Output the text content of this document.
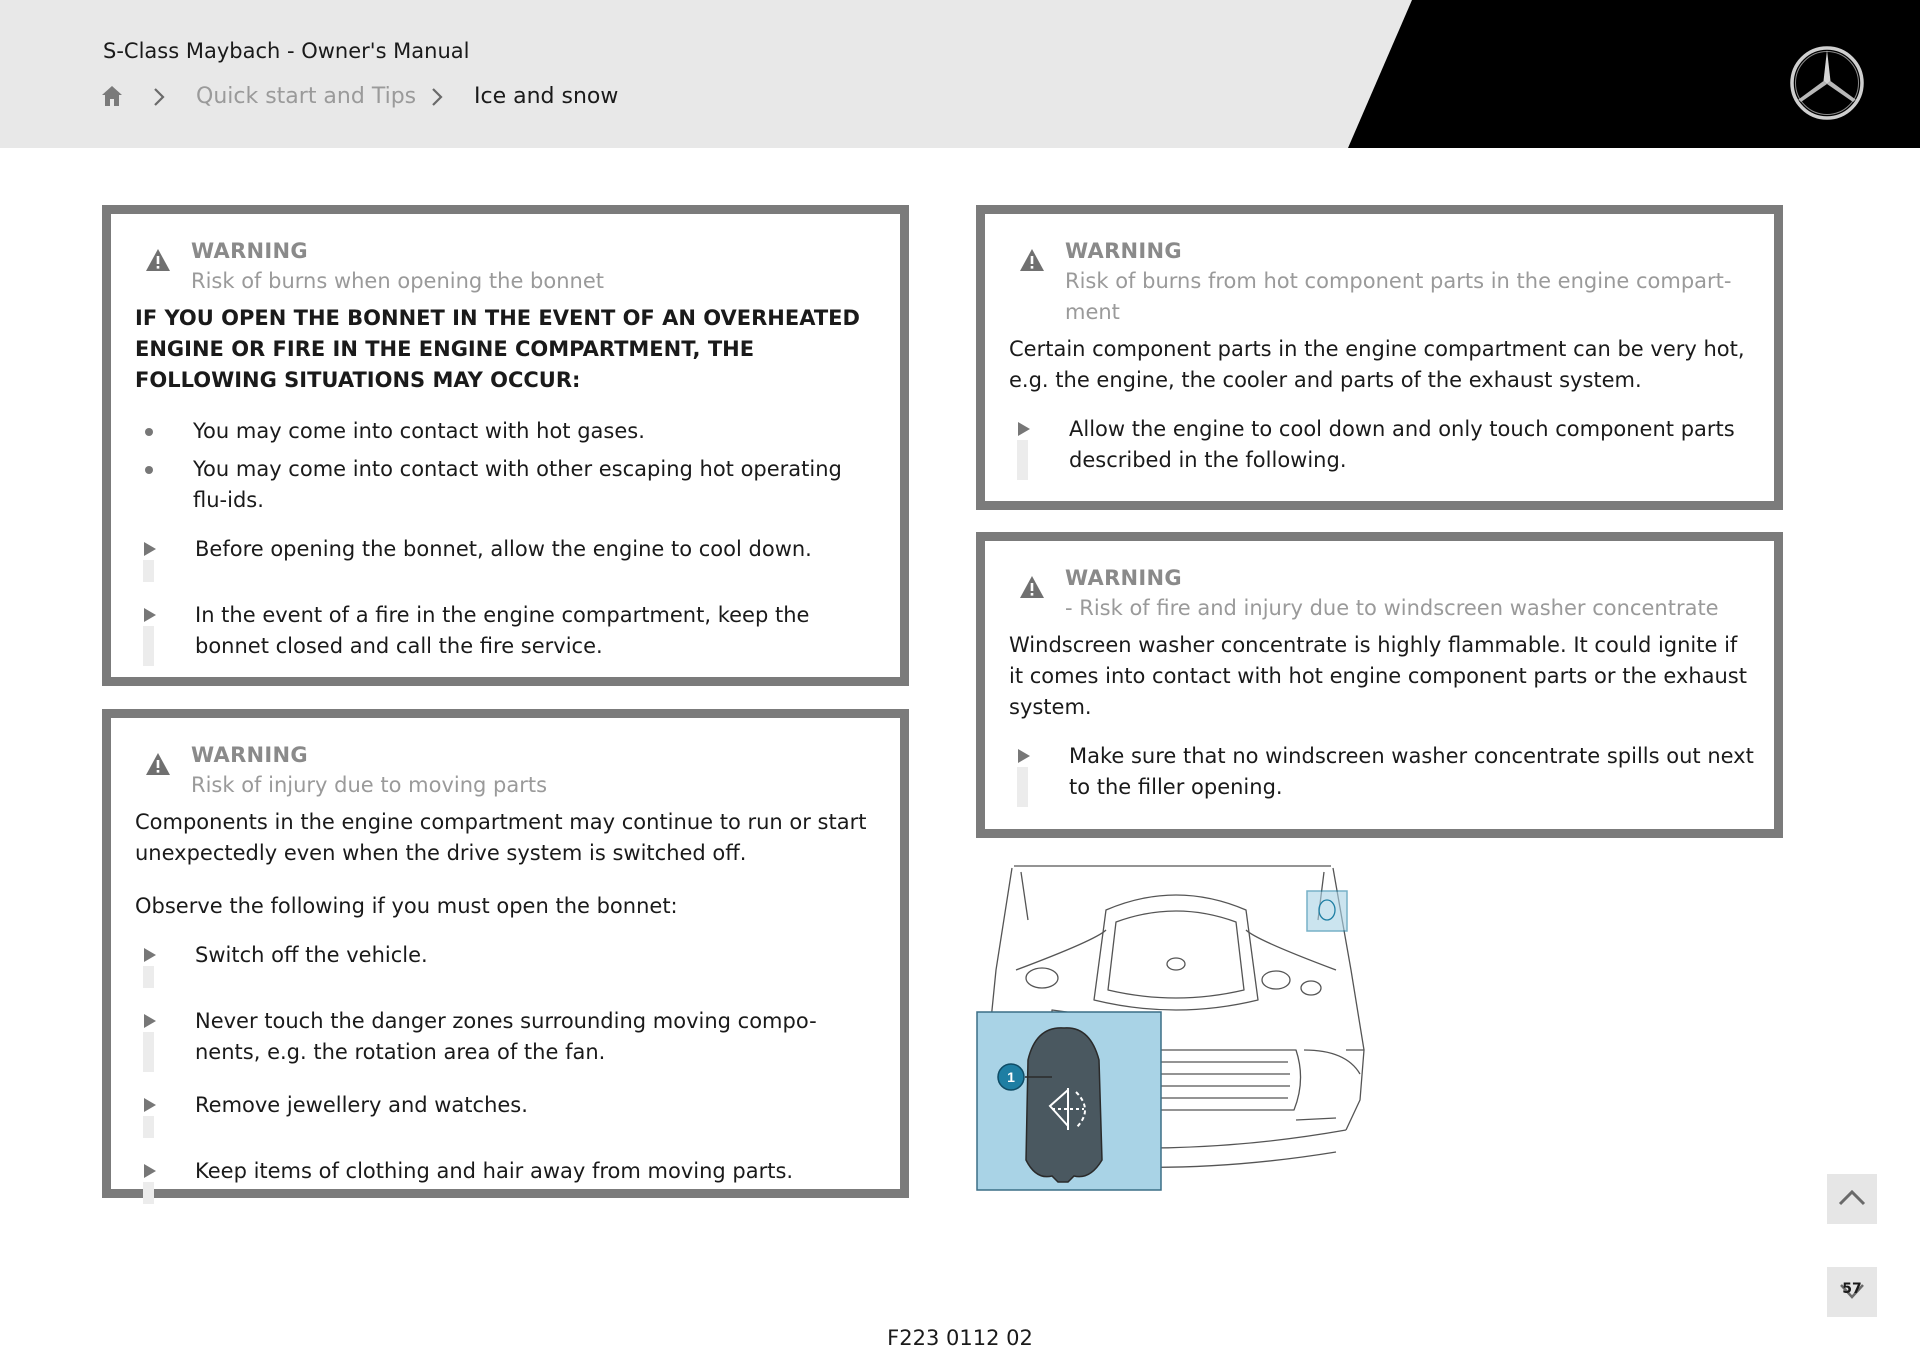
S-Class Maybach - Owner's Manual
Quick start and Tips	Ice and snow
WARNING
Risk of burns when opening the bonnet
IF YOU OPEN THE BONNET IN THE EVENT OF AN OVERHEATED ENGINE OR FIRE IN THE ENGINE COMPARTMENT, THE FOLLOWING SITUATIONS MAY OCCUR:
You may come into contact with hot gases.
You may come into contact with other escaping hot operating flu-ids.
Before opening the bonnet, allow the engine to cool down.
In the event of a fire in the engine compartment, keep the bonnet closed and call the fire service.
WARNING
Risk of injury due to moving parts
Components in the engine compartment may continue to run or start unexpectedly even when the drive system is switched off.
Observe the following if you must open the bonnet:
Switch off the vehicle.
Never touch the danger zones surrounding moving compo-nents, e.g. the rotation area of the fan.
Remove jewellery and watches.
Keep items of clothing and hair away from moving parts.
WARNING
Risk of burns from hot component parts in the engine compart-ment
Certain component parts in the engine compartment can be very hot, e.g. the engine, the cooler and parts of the exhaust system.
Allow the engine to cool down and only touch component parts described in the following.
WARNING
- Risk of fire and injury due to windscreen washer concentrate
Windscreen washer concentrate is highly flammable. It could ignite if it comes into contact with hot engine component parts or the exhaust system.
Make sure that no windscreen washer concentrate spills out next to the filler opening.
1
F223 0112 02
57
